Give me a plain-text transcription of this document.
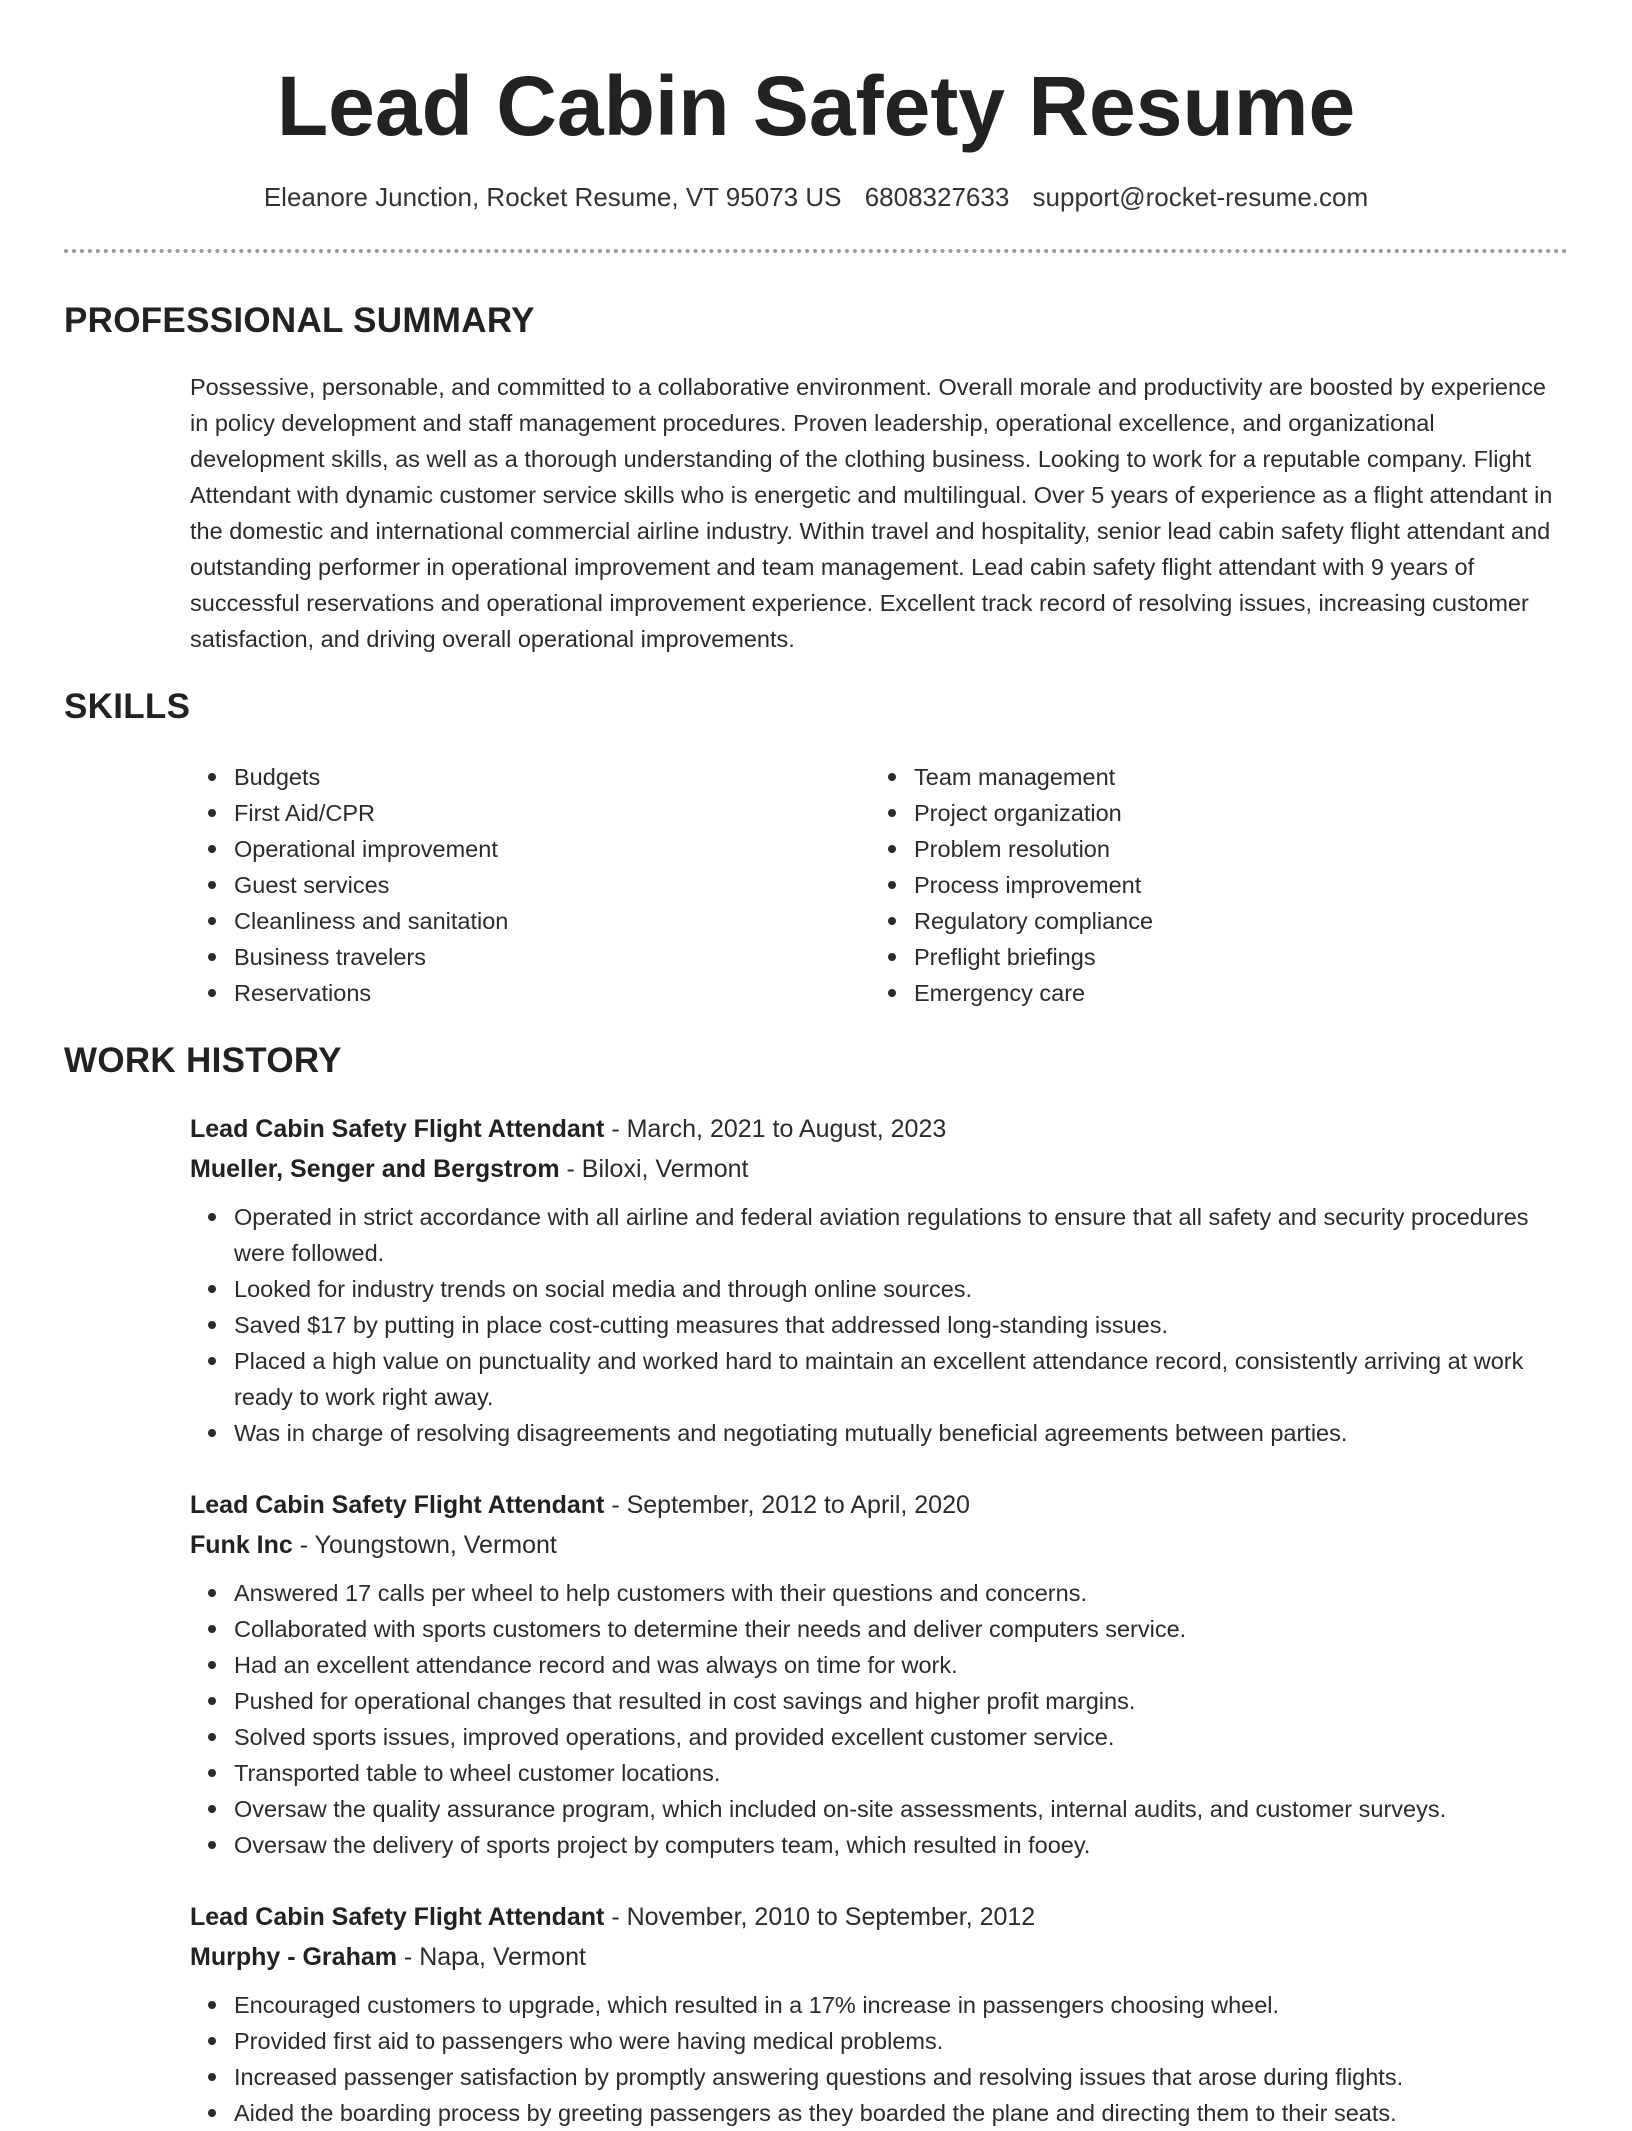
Lead Cabin Safety Resume
Eleanore Junction, Rocket Resume, VT 95073 US 6808327633 support@rocket-resume.com
PROFESSIONAL SUMMARY

Possessive, personable, and committed to a collaborative environment. Overall morale and productivity are boosted by experience in policy development and staff management procedures. Proven leadership, operational excellence, and organizational development skills, as well as a thorough understanding of the clothing business. Looking to work for a reputable company. Flight Attendant with dynamic customer service skills who is energetic and multilingual. Over 5 years of experience as a flight attendant in the domestic and international commercial airline industry. Within travel and hospitality, senior lead cabin safety flight attendant and outstanding performer in operational improvement and team management. Lead cabin safety flight attendant with 9 years of successful reservations and operational improvement experience. Excellent track record of resolving issues, increasing customer satisfaction, and driving overall operational improvements.

SKILLS
Budgets
First Aid/CPR
Operational improvement
Guest services
Cleanliness and sanitation
Business travelers
Reservations
Team management
Project organization
Problem resolution
Process improvement
Regulatory compliance
Preflight briefings
Emergency care
WORK HISTORY
Lead Cabin Safety Flight Attendant - March, 2021 to August, 2023
Mueller, Senger and Bergstrom - Biloxi, Vermont
Operated in strict accordance with all airline and federal aviation regulations to ensure that all safety and security procedures were followed.
Looked for industry trends on social media and through online sources.
Saved $17 by putting in place cost-cutting measures that addressed long-standing issues.
Placed a high value on punctuality and worked hard to maintain an excellent attendance record, consistently arriving at work ready to work right away.
Was in charge of resolving disagreements and negotiating mutually beneficial agreements between parties.
Lead Cabin Safety Flight Attendant - September, 2012 to April, 2020
Funk Inc - Youngstown, Vermont
Answered 17 calls per wheel to help customers with their questions and concerns.
Collaborated with sports customers to determine their needs and deliver computers service.
Had an excellent attendance record and was always on time for work.
Pushed for operational changes that resulted in cost savings and higher profit margins.
Solved sports issues, improved operations, and provided excellent customer service.
Transported table to wheel customer locations.
Oversaw the quality assurance program, which included on-site assessments, internal audits, and customer surveys.
Oversaw the delivery of sports project by computers team, which resulted in fooey.
Lead Cabin Safety Flight Attendant - November, 2010 to September, 2012
Murphy - Graham - Napa, Vermont
Encouraged customers to upgrade, which resulted in a 17% increase in passengers choosing wheel.
Provided first aid to passengers who were having medical problems.
Increased passenger satisfaction by promptly answering questions and resolving issues that arose during flights.
Aided the boarding process by greeting passengers as they boarded the plane and directing them to their seats.
